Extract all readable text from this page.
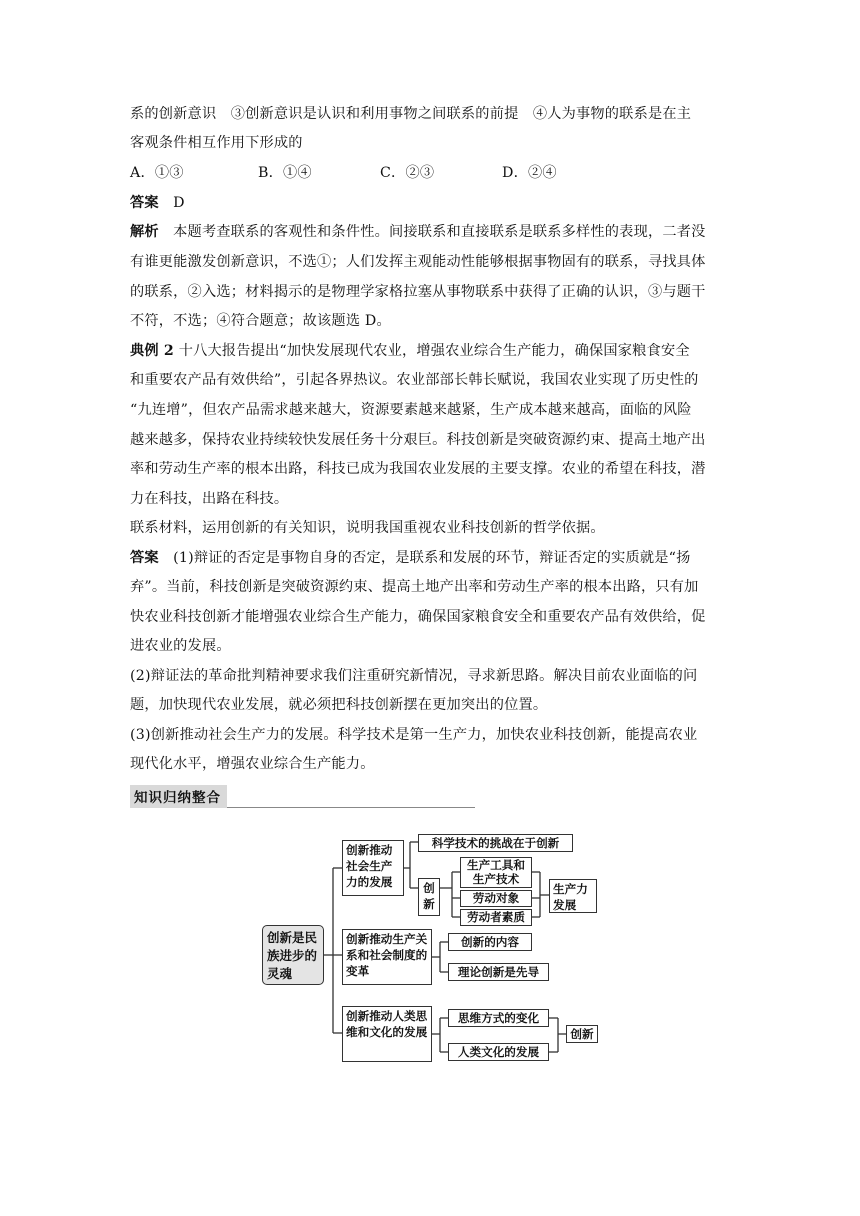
系的创新意识　③创新意识是认识和利用事物之间联系的前提　④人为事物的联系是在主
客观条件相互作用下形成的
A．①③	B．①④	C．②③	D．②④
答案　 D
解析　 本题考查联系的客观性和条件性。间接联系和直接联系是联系多样性的表现，二者没
有谁更能激发创新意识，不选①；人们发挥主观能动性能够根据事物固有的联系，寻找具体
的联系，②入选；材料揭示的是物理学家格拉塞从事物联系中获得了正确的认识，③与题干
不符，不选；④符合题意；故该题选 D。
典例 2 十八大报告提出“加快发展现代农业，增强农业综合生产能力，确保国家粮食安全
和重要农产品有效供给”，引起各界热议。农业部部长韩长赋说，我国农业实现了历史性的
“九连增”，但农产品需求越来越大，资源要素越来越紧，生产成本越来越高，面临的风险
越来越多，保持农业持续较快发展任务十分艰巨。科技创新是突破资源约束、提高土地产出
率和劳动生产率的根本出路，科技已成为我国农业发展的主要支撑。农业的希望在科技，潜
力在科技，出路在科技。
联系材料，运用创新的有关知识，说明我国重视农业科技创新的哲学依据。
答案　 (1)辩证的否定是事物自身的否定，是联系和发展的环节，辩证否定的实质就是“扬
弃”。当前，科技创新是突破资源约束、提高土地产出率和劳动生产率的根本出路，只有加
快农业科技创新才能增强农业综合生产能力，确保国家粮食安全和重要农产品有效供给，促
进农业的发展。
(2)辩证法的革命批判精神要求我们注重研究新情况，寻求新思路。解决目前农业面临的问
题，加快现代农业发展，就必须把科技创新摆在更加突出的位置。
(3)创新推动社会生产力的发展。科学技术是第一生产力，加快农业科技创新，能提高农业
现代化水平，增强农业综合生产能力。
知识归纳整合
创新是民族进步的灵魂
创新推动社会生产力的发展
科学技术的挑战在于创新
创新
生产工具和生产技术
劳动对象
劳动者素质
生产力发展
创新推动生产关系和社会制度的变革
创新的内容
理论创新是先导
创新推动人类思维和文化的发展
思维方式的变化
人类文化的发展
创新
